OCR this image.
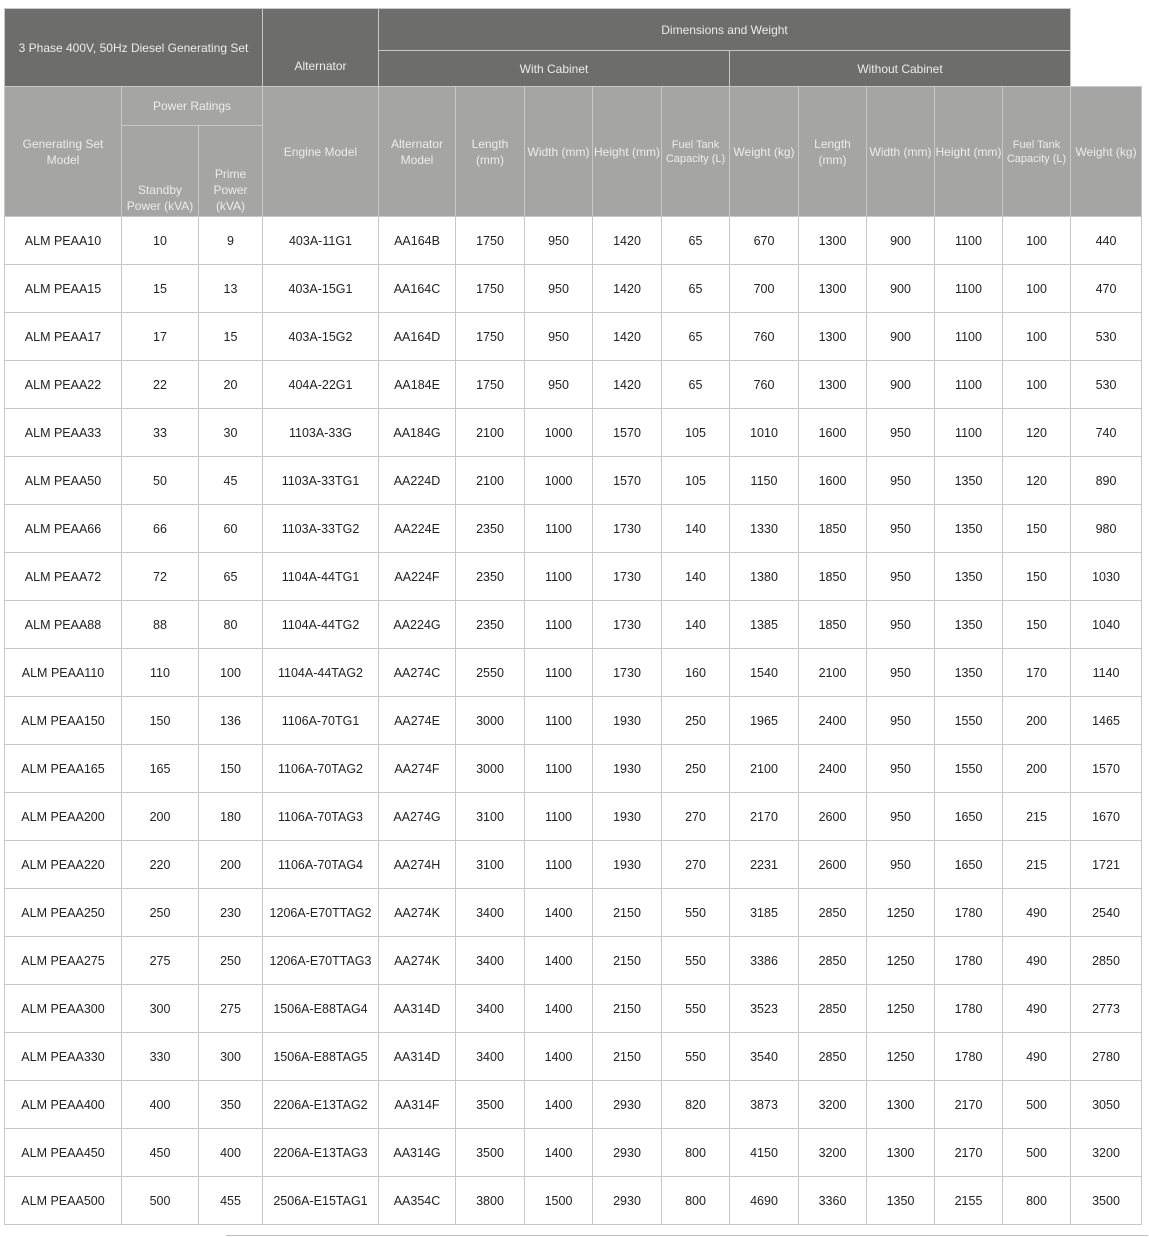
3 Phase 400V, 50Hz Diesel Generating Set			Alternator	Dimensions and Weight										
				With Cabinet					Without Cabinet					
Generating Set Model	Power Ratings		Engine Model	Alternator Model	Length (mm)	Width (mm)	Height (mm)	Fuel Tank Capacity (L)	Weight (kg)	Length (mm)	Width (mm)	Height (mm)	Fuel Tank Capacity (L)	Weight (kg)
	Standby Power (kVA)	Prime Power (kVA)												
ALM PEAA10	10	9	403A-11G1	AA164B	1750	950	1420	65	670	1300	900	1100	100	440
ALM PEAA15	15	13	403A-15G1	AA164C	1750	950	1420	65	700	1300	900	1100	100	470
ALM PEAA17	17	15	403A-15G2	AA164D	1750	950	1420	65	760	1300	900	1100	100	530
ALM PEAA22	22	20	404A-22G1	AA184E	1750	950	1420	65	760	1300	900	1100	100	530
ALM PEAA33	33	30	1103A-33G	AA184G	2100	1000	1570	105	1010	1600	950	1100	120	740
ALM PEAA50	50	45	1103A-33TG1	AA224D	2100	1000	1570	105	1150	1600	950	1350	120	890
ALM PEAA66	66	60	1103A-33TG2	AA224E	2350	1100	1730	140	1330	1850	950	1350	150	980
ALM PEAA72	72	65	1104A-44TG1	AA224F	2350	1100	1730	140	1380	1850	950	1350	150	1030
ALM PEAA88	88	80	1104A-44TG2	AA224G	2350	1100	1730	140	1385	1850	950	1350	150	1040
ALM PEAA110	110	100	1104A-44TAG2	AA274C	2550	1100	1730	160	1540	2100	950	1350	170	1140
ALM PEAA150	150	136	1106A-70TG1	AA274E	3000	1100	1930	250	1965	2400	950	1550	200	1465
ALM PEAA165	165	150	1106A-70TAG2	AA274F	3000	1100	1930	250	2100	2400	950	1550	200	1570
ALM PEAA200	200	180	1106A-70TAG3	AA274G	3100	1100	1930	270	2170	2600	950	1650	215	1670
ALM PEAA220	220	200	1106A-70TAG4	AA274H	3100	1100	1930	270	2231	2600	950	1650	215	1721
ALM PEAA250	250	230	1206A-E70TTAG2	AA274K	3400	1400	2150	550	3185	2850	1250	1780	490	2540
ALM PEAA275	275	250	1206A-E70TTAG3	AA274K	3400	1400	2150	550	3386	2850	1250	1780	490	2850
ALM PEAA300	300	275	1506A-E88TAG4	AA314D	3400	1400	2150	550	3523	2850	1250	1780	490	2773
ALM PEAA330	330	300	1506A-E88TAG5	AA314D	3400	1400	2150	550	3540	2850	1250	1780	490	2780
ALM PEAA400	400	350	2206A-E13TAG2	AA314F	3500	1400	2930	820	3873	3200	1300	2170	500	3050
ALM PEAA450	450	400	2206A-E13TAG3	AA314G	3500	1400	2930	800	4150	3200	1300	2170	500	3200
ALM PEAA500	500	455	2506A-E15TAG1	AA354C	3800	1500	2930	800	4690	3360	1350	2155	800	3500
